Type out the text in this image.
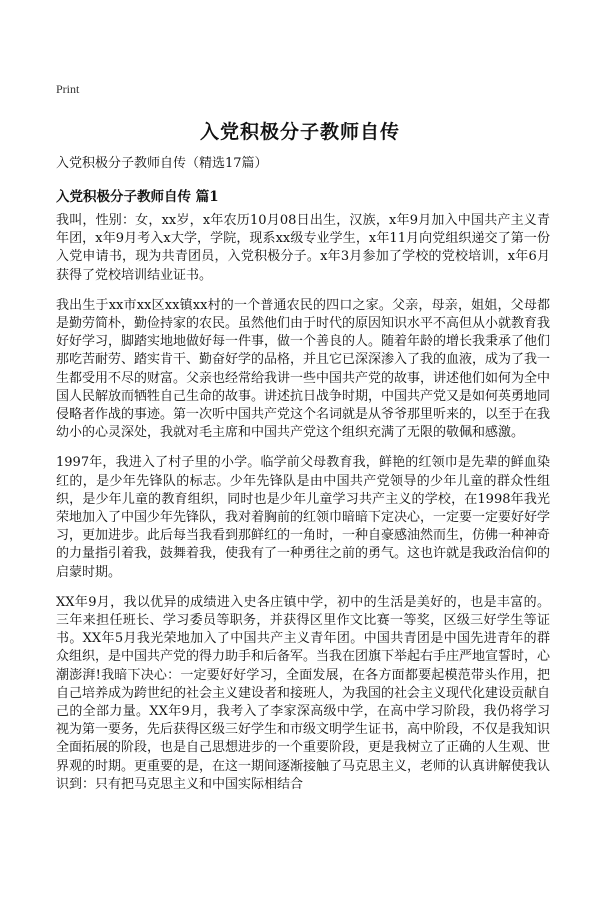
Print
入党积极分子教师自传
入党积极分子教师自传（精选17篇）
入党积极分子教师自传 篇1

我叫，性别：女，xx岁，x年农历10月08日出生，汉族，x年9月加入中国共产主义青年团，x年9月考入x大学，学院，现系xx级专业学生，x年11月向党组织递交了第一份入党申请书，现为共青团员，入党积极分子。x年3月参加了学校的党校培训，x年6月获得了党校培训结业证书。

我出生于xx市xx区xx镇xx村的一个普通农民的四口之家。父亲，母亲，姐姐，父母都是勤劳简朴，勤俭持家的农民。虽然他们由于时代的原因知识水平不高但从小就教育我好好学习，脚踏实地地做好每一件事，做一个善良的人。随着年龄的增长我秉承了他们那吃苦耐劳、踏实肯干、勤奋好学的品格，并且它已深深渗入了我的血液，成为了我一生都受用不尽的财富。父亲也经常给我讲一些中国共产党的故事，讲述他们如何为全中国人民解放而牺牲自己生命的故事。讲述抗日战争时期，中国共产党又是如何英勇地同侵略者作战的事迹。第一次听中国共产党这个名词就是从爷爷那里听来的，以至于在我幼小的心灵深处，我就对毛主席和中国共产党这个组织充满了无限的敬佩和感激。

1997年，我进入了村子里的小学。临学前父母教育我，鲜艳的红领巾是先辈的鲜血染红的，是少年先锋队的标志。少年先锋队是由中国共产党领导的少年儿童的群众性组织，是少年儿童的教育组织，同时也是少年儿童学习共产主义的学校，在1998年我光荣地加入了中国少年先锋队，我对着胸前的红领巾暗暗下定决心，一定要一定要好好学习，更加进步。此后每当我看到那鲜红的一角时，一种自豪感油然而生，仿佛一种神奇的力量指引着我，鼓舞着我，使我有了一种勇往之前的勇气。这也许就是我政治信仰的启蒙时期。

XX年9月，我以优异的成绩进入史各庄镇中学，初中的生活是美好的，也是丰富的。三年来担任班长、学习委员等职务，并获得区里作文比赛一等奖，区级三好学生等证书。XX年5月我光荣地加入了中国共产主义青年团。中国共青团是中国先进青年的群众组织，是中国共产党的得力助手和后备军。当我在团旗下举起右手庄严地宣誓时，心潮澎湃!我暗下决心：一定要好好学习，全面发展，在各方面都要起模范带头作用，把自己培养成为跨世纪的社会主义建设者和接班人，为我国的社会主义现代化建设贡献自己的全部力量。XX年9月，我考入了李家深高级中学，在高中学习阶段，我仍将学习视为第一要务，先后获得区级三好学生和市级文明学生证书，高中阶段，不仅是我知识全面拓展的阶段，也是自己思想进步的一个重要阶段，更是我树立了正确的人生观、世界观的时期。更重要的是，在这一期间逐渐接触了马克思主义，老师的认真讲解使我认识到：只有把马克思主义和中国实际相结合
